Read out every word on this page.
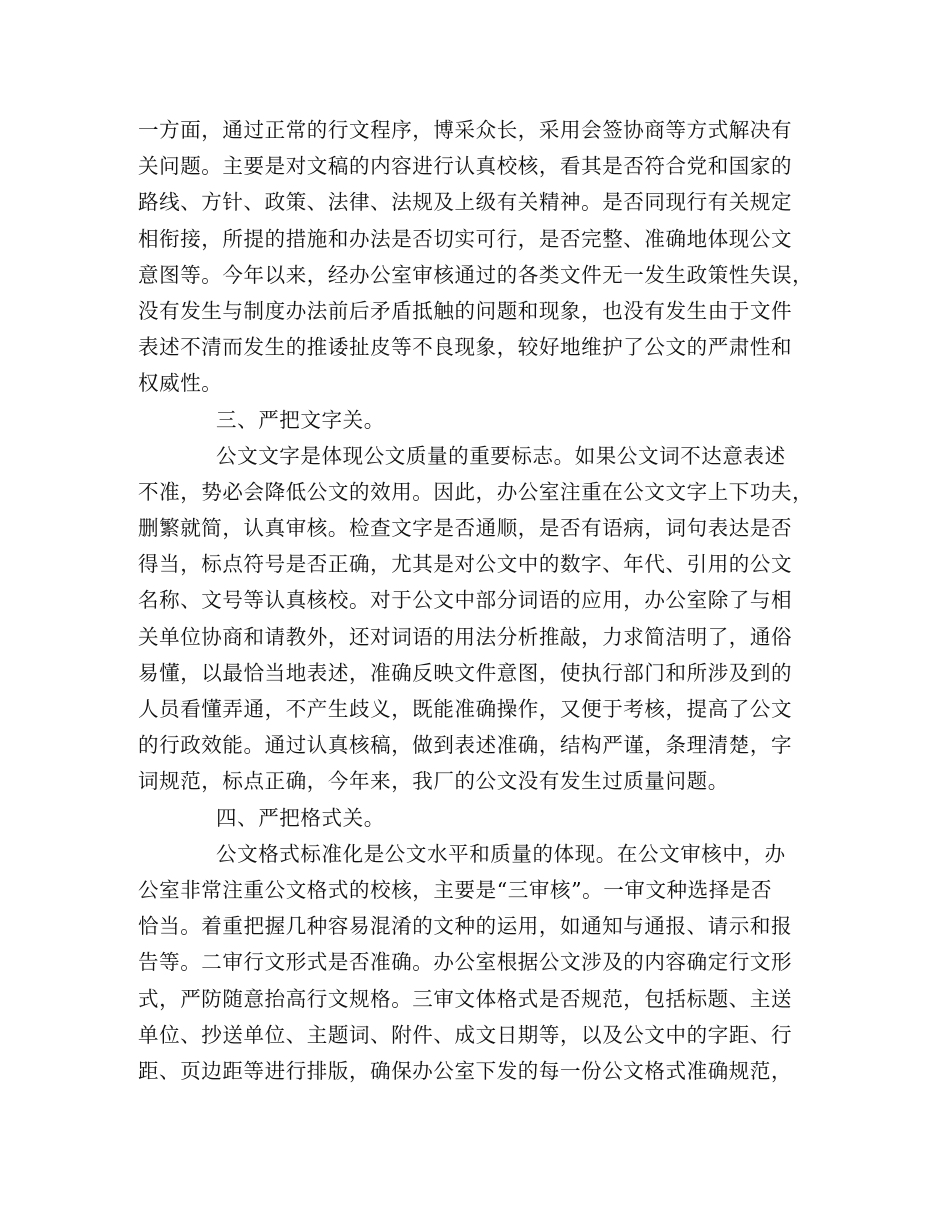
一方面，通过正常的行文程序，博采众长，采用会签协商等方式解决有
关问题。主要是对文稿的内容进行认真校核，看其是否符合党和国家的
路线、方针、政策、法律、法规及上级有关精神。是否同现行有关规定
相衔接，所提的措施和办法是否切实可行，是否完整、准确地体现公文
意图等。今年以来，经办公室审核通过的各类文件无一发生政策性失误，
没有发生与制度办法前后矛盾抵触的问题和现象，也没有发生由于文件
表述不清而发生的推诿扯皮等不良现象，较好地维护了公文的严肃性和
权威性。
三、严把文字关。
公文文字是体现公文质量的重要标志。如果公文词不达意表述
不准，势必会降低公文的效用。因此，办公室注重在公文文字上下功夫，
删繁就简，认真审核。检查文字是否通顺，是否有语病，词句表达是否
得当，标点符号是否正确，尤其是对公文中的数字、年代、引用的公文
名称、文号等认真核校。对于公文中部分词语的应用，办公室除了与相
关单位协商和请教外，还对词语的用法分析推敲，力求简洁明了，通俗
易懂，以最恰当地表述，准确反映文件意图，使执行部门和所涉及到的
人员看懂弄通，不产生歧义，既能准确操作，又便于考核，提高了公文
的行政效能。通过认真核稿，做到表述准确，结构严谨，条理清楚，字
词规范，标点正确，今年来，我厂的公文没有发生过质量问题。
四、严把格式关。
公文格式标准化是公文水平和质量的体现。在公文审核中，办
公室非常注重公文格式的校核，主要是“三审核”。一审文种选择是否
恰当。着重把握几种容易混淆的文种的运用，如通知与通报、请示和报
告等。二审行文形式是否准确。办公室根据公文涉及的内容确定行文形
式，严防随意抬高行文规格。三审文体格式是否规范，包括标题、主送
单位、抄送单位、主题词、附件、成文日期等，以及公文中的字距、行
距、页边距等进行排版，确保办公室下发的每一份公文格式准确规范，
